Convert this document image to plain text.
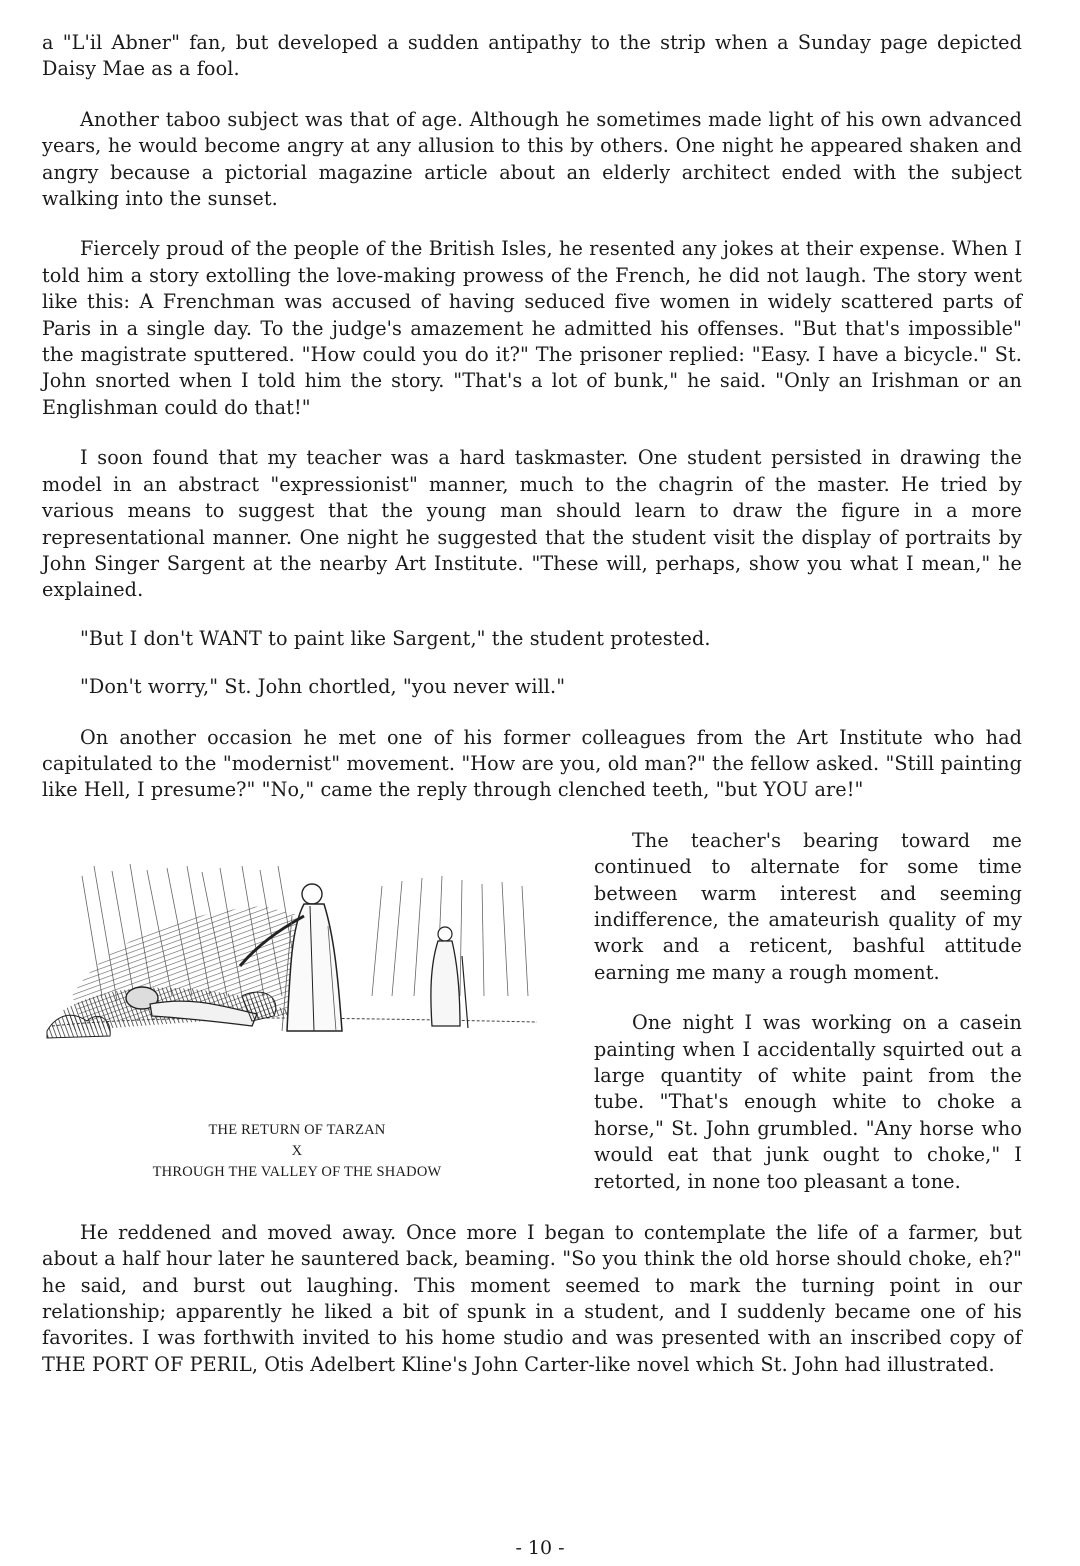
a "L'il Abner" fan, but developed a sudden antipathy to the strip when a Sunday page depicted Daisy Mae as a fool.

Another taboo subject was that of age. Although he sometimes made light of his own advanced years, he would become angry at any allusion to this by others. One night he appeared shaken and angry because a pictorial magazine article about an elderly architect ended with the subject walking into the sunset.

Fiercely proud of the people of the British Isles, he resented any jokes at their expense. When I told him a story extolling the love-making prowess of the French, he did not laugh. The story went like this: A Frenchman was accused of having seduced five women in widely scattered parts of Paris in a single day. To the judge's amazement he admitted his offenses. "But that's impossible" the magistrate sputtered. "How could you do it?" The prisoner replied: "Easy. I have a bicycle." St. John snorted when I told him the story. "That's a lot of bunk," he said. "Only an Irishman or an Englishman could do that!"

I soon found that my teacher was a hard taskmaster. One student persisted in drawing the model in an abstract "expressionist" manner, much to the chagrin of the master. He tried by various means to suggest that the young man should learn to draw the figure in a more representational manner. One night he suggested that the student visit the display of portraits by John Singer Sargent at the nearby Art Institute. "These will, perhaps, show you what I mean," he explained.

"But I don't WANT to paint like Sargent," the student protested.

"Don't worry," St. John chortled, "you never will."

On another occasion he met one of his former colleagues from the Art Institute who had capitulated to the "modernist" movement. "How are you, old man?" the fellow asked. "Still painting like Hell, I presume?" "No," came the reply through clenched teeth, "but YOU are!"

THE RETURN OF TARZAN
X
THROUGH THE VALLEY OF THE SHADOW

The teacher's bearing toward me continued to alternate for some time between warm interest and seeming indifference, the amateurish quality of my work and a reticent, bashful attitude earning me many a rough moment.

One night I was working on a casein painting when I accidentally squirted out a large quantity of white paint from the tube. "That's enough white to choke a horse," St. John grumbled. "Any horse who would eat that junk ought to choke," I retorted, in none too pleasant a tone.

He reddened and moved away. Once more I began to contemplate the life of a farmer, but about a half hour later he sauntered back, beaming. "So you think the old horse should choke, eh?" he said, and burst out laughing. This moment seemed to mark the turning point in our relationship; apparently he liked a bit of spunk in a student, and I suddenly became one of his favorites. I was forthwith invited to his home studio and was presented with an inscribed copy of THE PORT OF PERIL, Otis Adelbert Kline's John Carter-like novel which St. John had illustrated.

- 10 -
